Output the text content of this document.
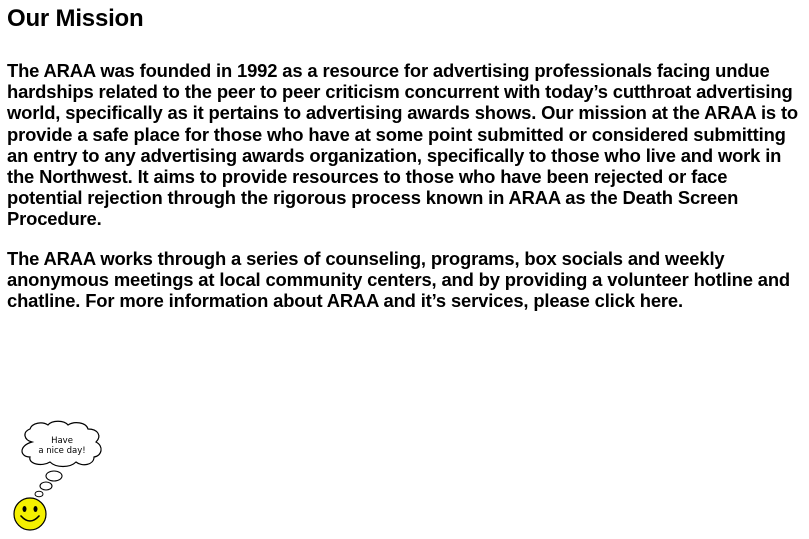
Our Mission

The ARAA was founded in 1992 as a resource for advertising professionals facing undue hardships related to the peer to peer criticism concurrent with today’s cutthroat advertising world, specifically as it pertains to advertising awards shows. Our mission at the ARAA is to provide a safe place for those who have at some point submitted or considered submitting an entry to any advertising awards organization, specifically to those who live and work in the Northwest. It aims to provide resources to those who have been rejected or face potential rejection through the rigorous process known in ARAA as the Death Screen Procedure.

The ARAA works through a series of counseling, programs, box socials and weekly anonymous meetings at local community centers, and by providing a volunteer hotline and chatline. For more information about ARAA and it’s services, please click here.

Have
a nice day!
